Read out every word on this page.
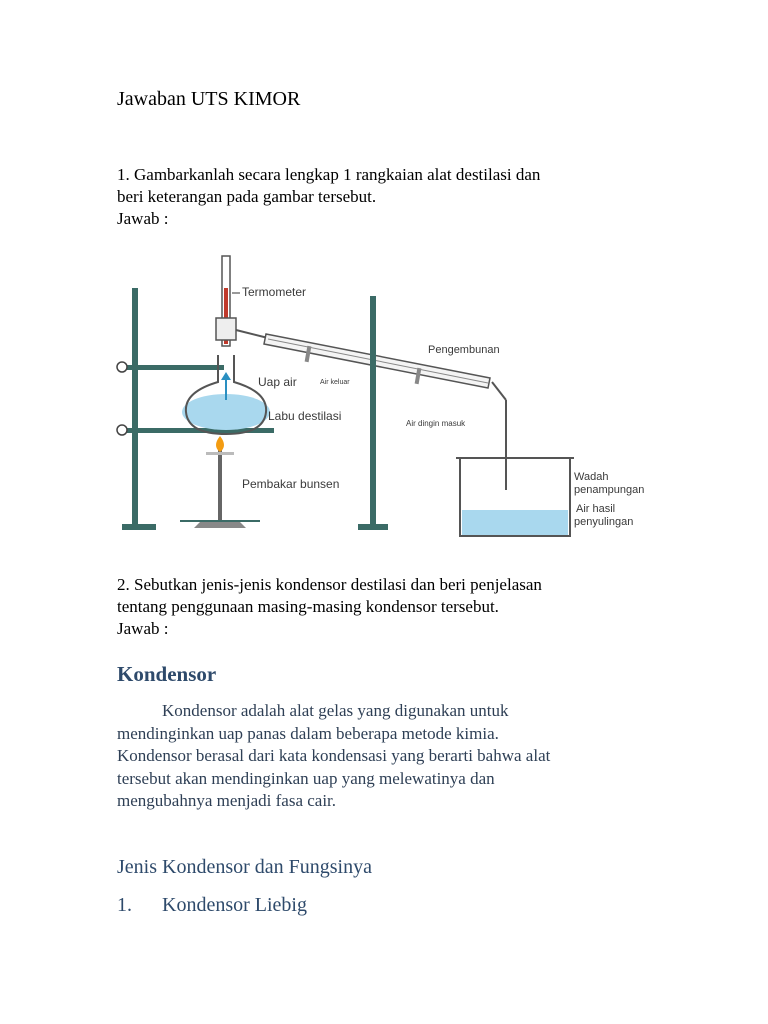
Jawaban UTS KIMOR
1. Gambarkanlah secara lengkap 1 rangkaian alat destilasi dan
beri keterangan pada gambar tersebut.
Jawab :
Termometer
Uap air	Air keluar
Labu destilasi
Pengembunan
Air dingin masuk
Pembakar bunsen	Wadah
penampungan
Air hasil
penyulingan
2. Sebutkan jenis-jenis kondensor destilasi dan beri penjelasan
tentang penggunaan masing-masing kondensor tersebut.
Jawab :
Kondensor
Kondensor adalah alat gelas yang digunakan untuk
mendinginkan uap panas dalam beberapa metode kimia.
Kondensor berasal dari kata kondensasi yang berarti bahwa alat
tersebut akan mendinginkan uap yang melewatinya dan
mengubahnya menjadi fasa cair.
Jenis Kondensor dan Fungsinya
1. Kondensor Liebig
